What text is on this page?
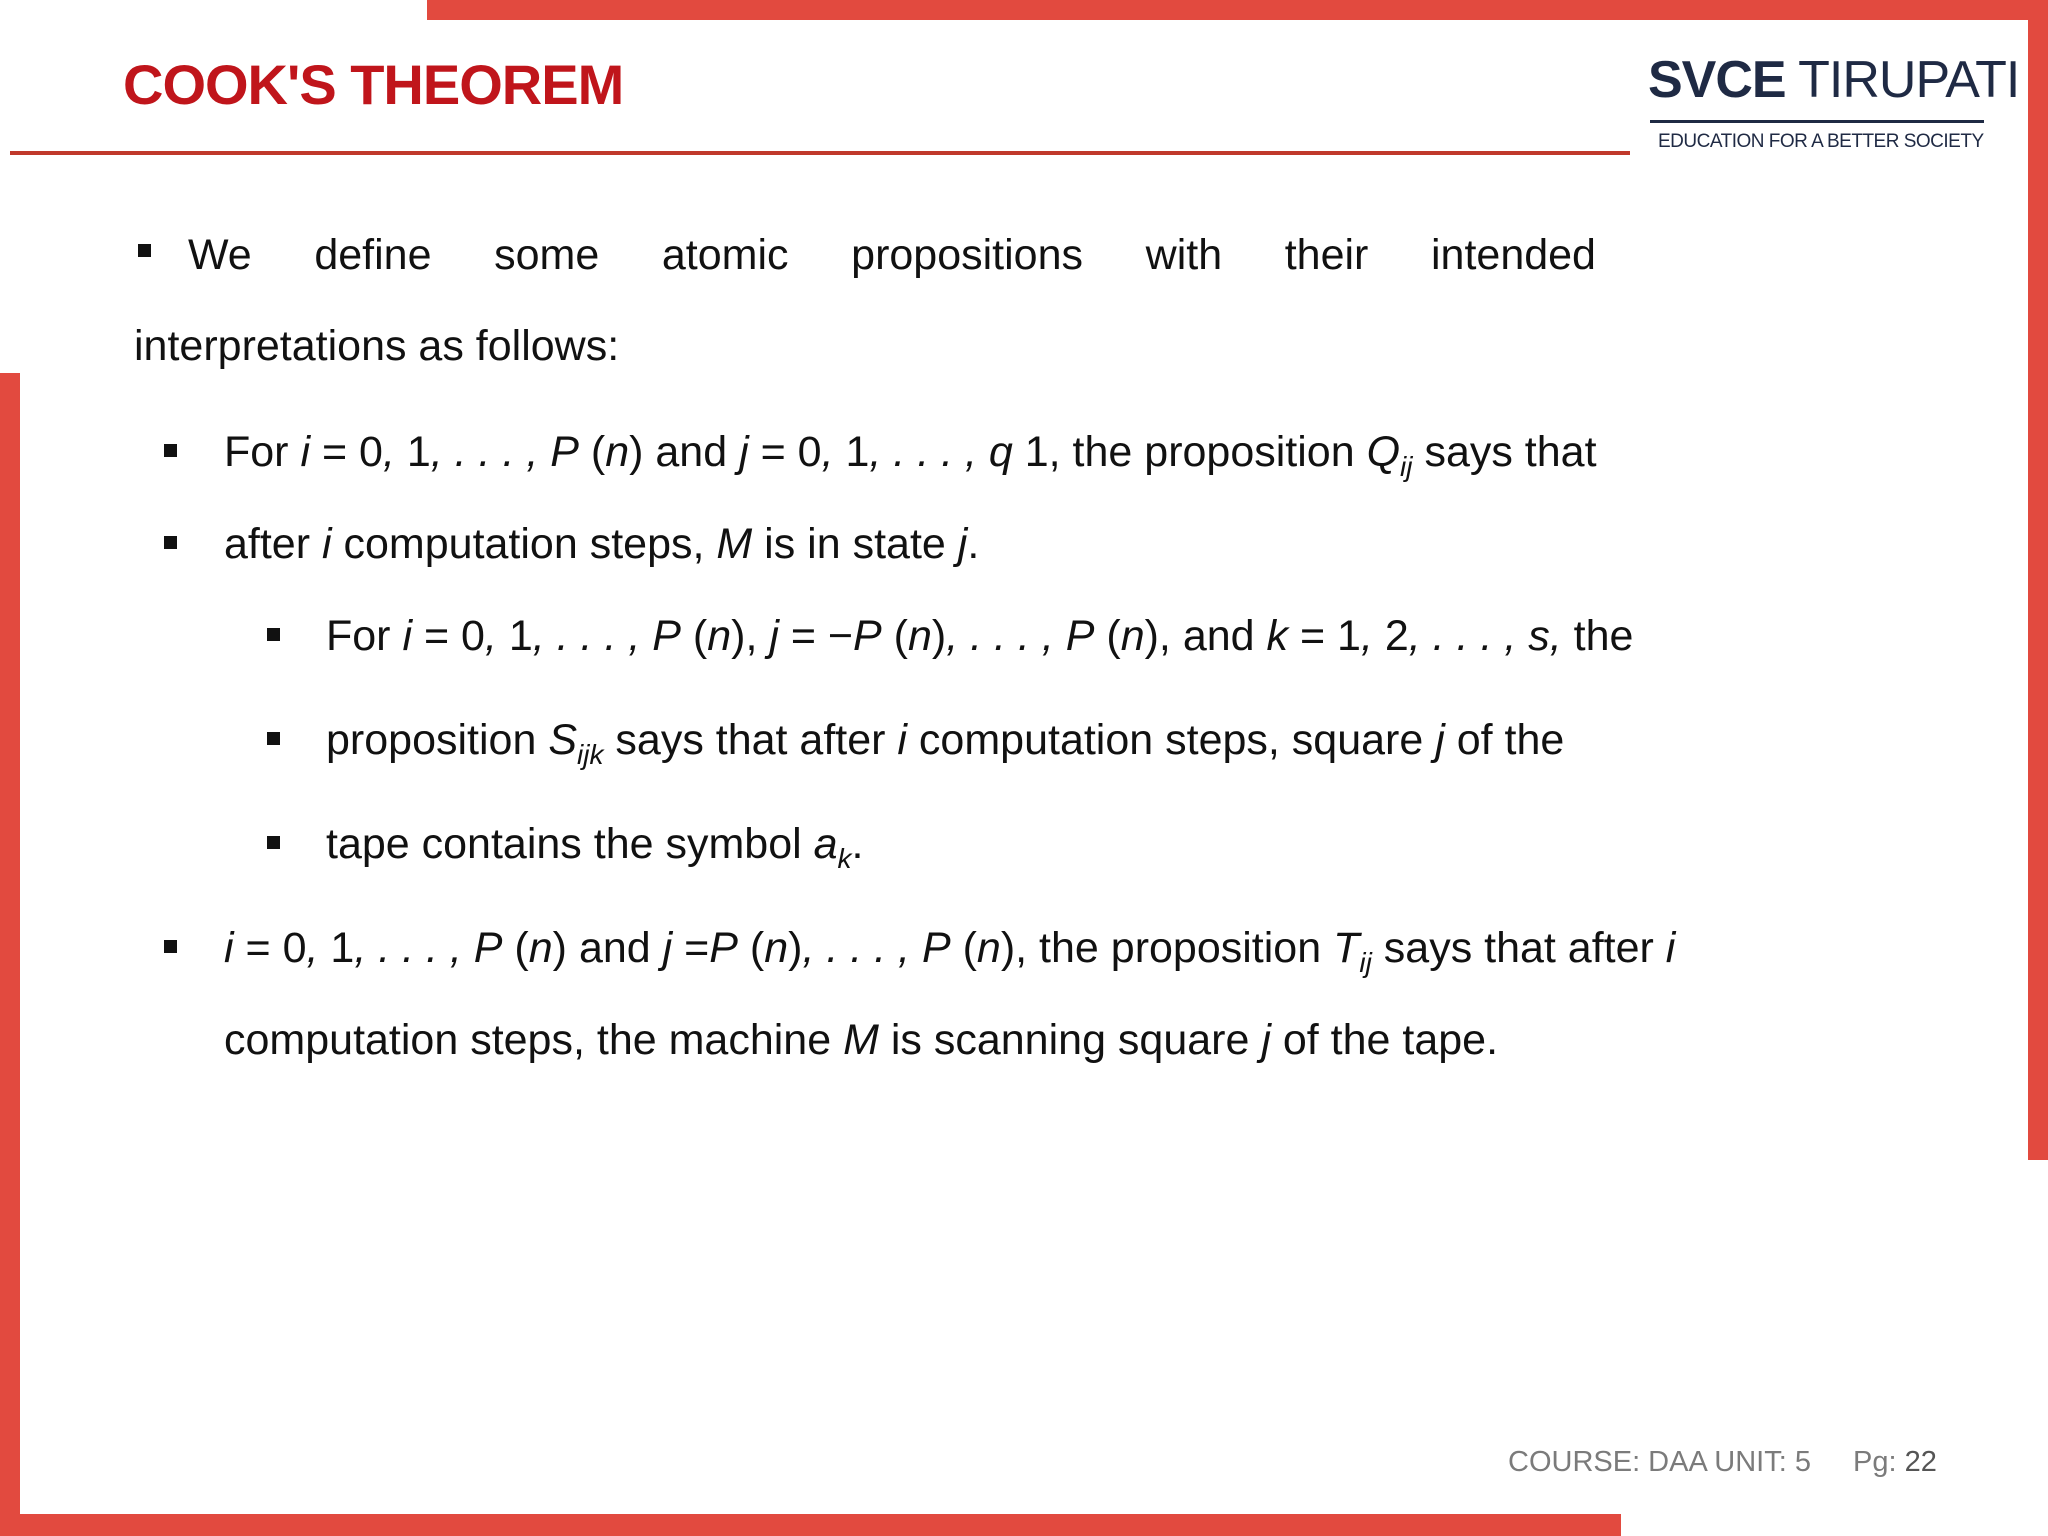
COOK'S THEOREM	SVCE TIRUPATI
EDUCATION FOR A BETTER SOCIETY
We define some atomic propositions with their intended
interpretations as follows:
For i = 0, 1, . . . , P (n) and j = 0, 1, . . . , q 1, the proposition $Q_{ij}$ says that
after i computation steps, M is in state j.
For i = 0, 1, . . . , P (n), j = −P (n), . . . , P (n), and k = 1, 2, . . . , s, the
proposition $S_{ijk}$ says that after i computation steps, square j of the
tape contains the symbol $a_k$.
i = 0, 1, . . . , P (n) and j =P (n), . . . , P (n), the proposition $T_{ij}$ says that after i
computation steps, the machine M is scanning square j of the tape.
COURSE: DAA UNIT: 5 Pg: 22
